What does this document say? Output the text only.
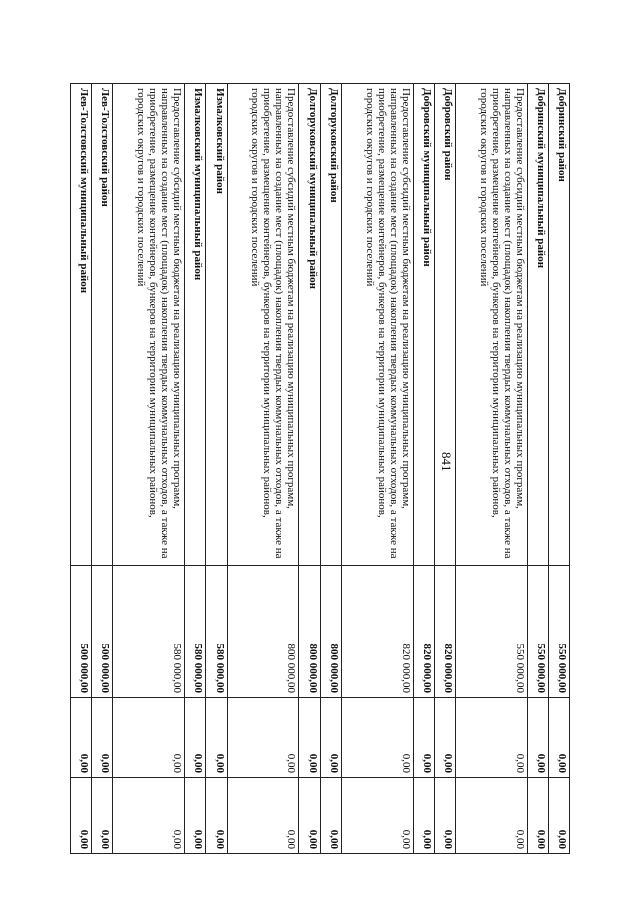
841
Добринский район	550 000,00	0,00	0,00
Добринский муниципальный район	550 000,00	0,00	0,00
Предоставление субсидий местным бюджетам на реализацию муниципальных программ, направленных на создание мест (площадок) накопления твердых коммунальных отходов, а также на приобретение, размещение контейнеров, бункеров на территории муниципальных районов, городских округов и городских поселений	550 000,00	0,00	0,00
Добровский район	820 000,00	0,00	0,00
Добровский муниципальный район	820 000,00	0,00	0,00
Предоставление субсидий местным бюджетам на реализацию муниципальных программ, направленных на создание мест (площадок) накопления твердых коммунальных отходов, а также на приобретение, размещение контейнеров, бункеров на территории муниципальных районов, городских округов и городских поселений	820 000,00	0,00	0,00
Долгоруковский район	800 000,00	0,00	0,00
Долгоруковский муниципальный район	800 000,00	0,00	0,00
Предоставление субсидий местным бюджетам на реализацию муниципальных программ, направленных на создание мест (площадок) накопления твердых коммунальных отходов, а также на приобретение, размещение контейнеров, бункеров на территории муниципальных районов, городских округов и городских поселений	800 000,00	0,00	0,00
Измалковский район	580 000,00	0,00	0,00
Измалковский муниципальный район	580 000,00	0,00	0,00
Предоставление субсидий местным бюджетам на реализацию муниципальных программ, направленных на создание мест (площадок) накопления твердых коммунальных отходов, а также на приобретение, размещение контейнеров, бункеров на территории муниципальных районов, городских округов и городских поселений	580 000,00	0,00	0,00
Лев-Толстовский район	500 000,00	0,00	0,00
Лев-Толстовский муниципальный район	500 000,00	0,00	0,00
